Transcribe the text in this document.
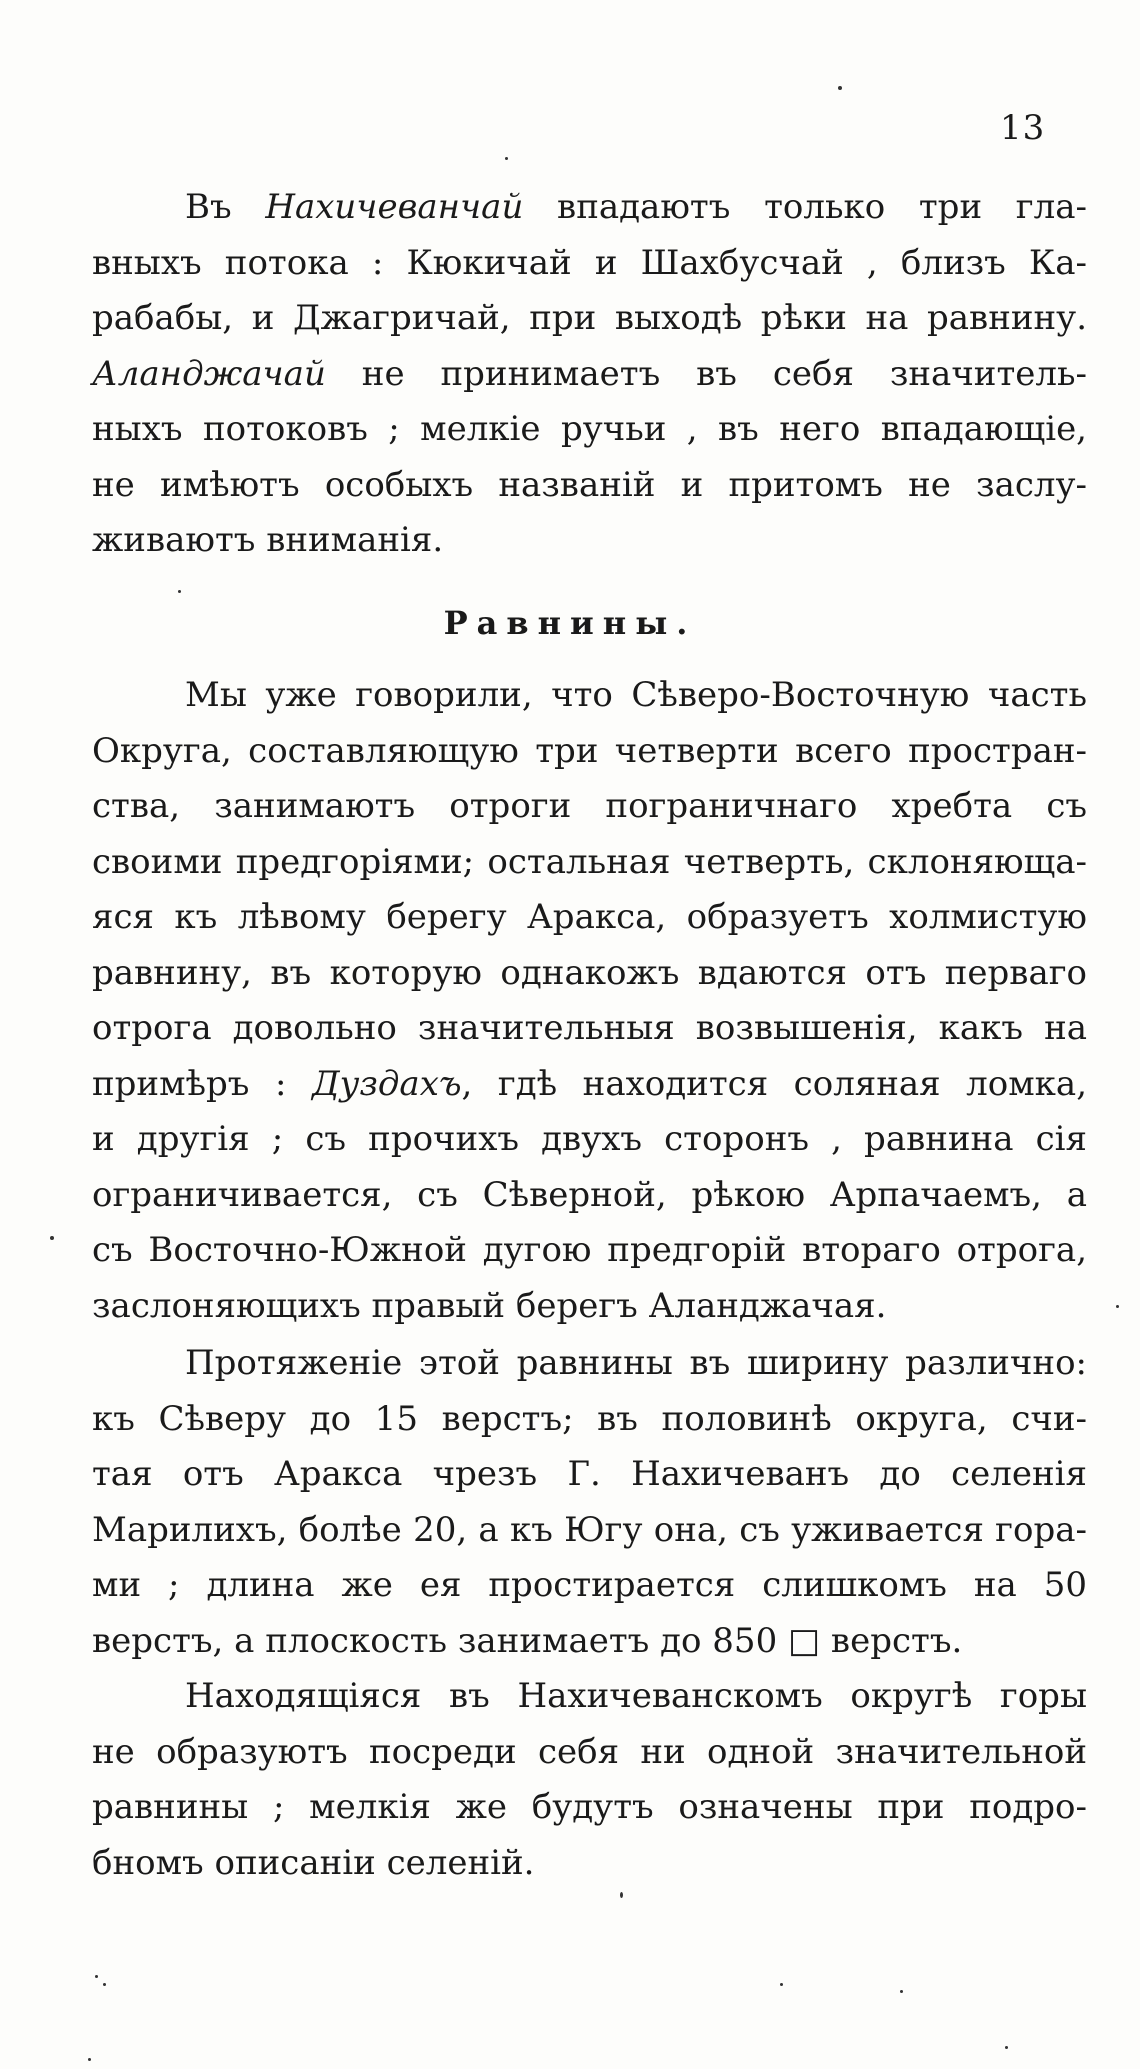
13
Въ Нахичеванчай впадаютъ только три гла-
вныхъ потока : Кюкичай и Шахбусчай , близъ Ка-
рабабы, и Джагричай, при выходѣ рѣки на равнину.
Аланджачай не принимаетъ въ себя значитель-
ныхъ потоковъ ; мелкіе ручьи , въ него впадающіе,
не имѣютъ особыхъ названій и притомъ не заслу-
живаютъ вниманія.
Равнины.
Мы уже говорили, что Сѣверо-Восточную часть
Округа, составляющую три четверти всего простран-
ства, занимаютъ отроги пограничнаго хребта съ
своими предгоріями; остальная четверть, склоняюща-
яся къ лѣвому берегу Аракса, образуетъ холмистую
равнину, въ которую однакожъ вдаются отъ перваго
отрога довольно значительныя возвышенія, какъ на
примѣръ : Дуздахъ, гдѣ находится соляная ломка,
и другія ; съ прочихъ двухъ сторонъ , равнина сія
ограничивается, съ Сѣверной, рѣкою Арпачаемъ, а
съ Восточно-Южной дугою предгорій втораго отрога,
заслоняющихъ правый берегъ Аланджачая.
Протяженіе этой равнины въ ширину различно:
къ Сѣверу до 15 верстъ; въ половинѣ округа, счи-
тая отъ Аракса чрезъ Г. Нахичеванъ до селенія
Марилихъ, болѣе 20, а къ Югу она, съ уживается гора-
ми ; длина же ея простирается слишкомъ на 50
верстъ, а плоскость занимаетъ до 850 □ верстъ.
Находящіяся въ Нахичеванскомъ округѣ горы
не образуютъ посреди себя ни одной значительной
равнины ; мелкія же будутъ означены при подро-
бномъ описаніи селеній.
